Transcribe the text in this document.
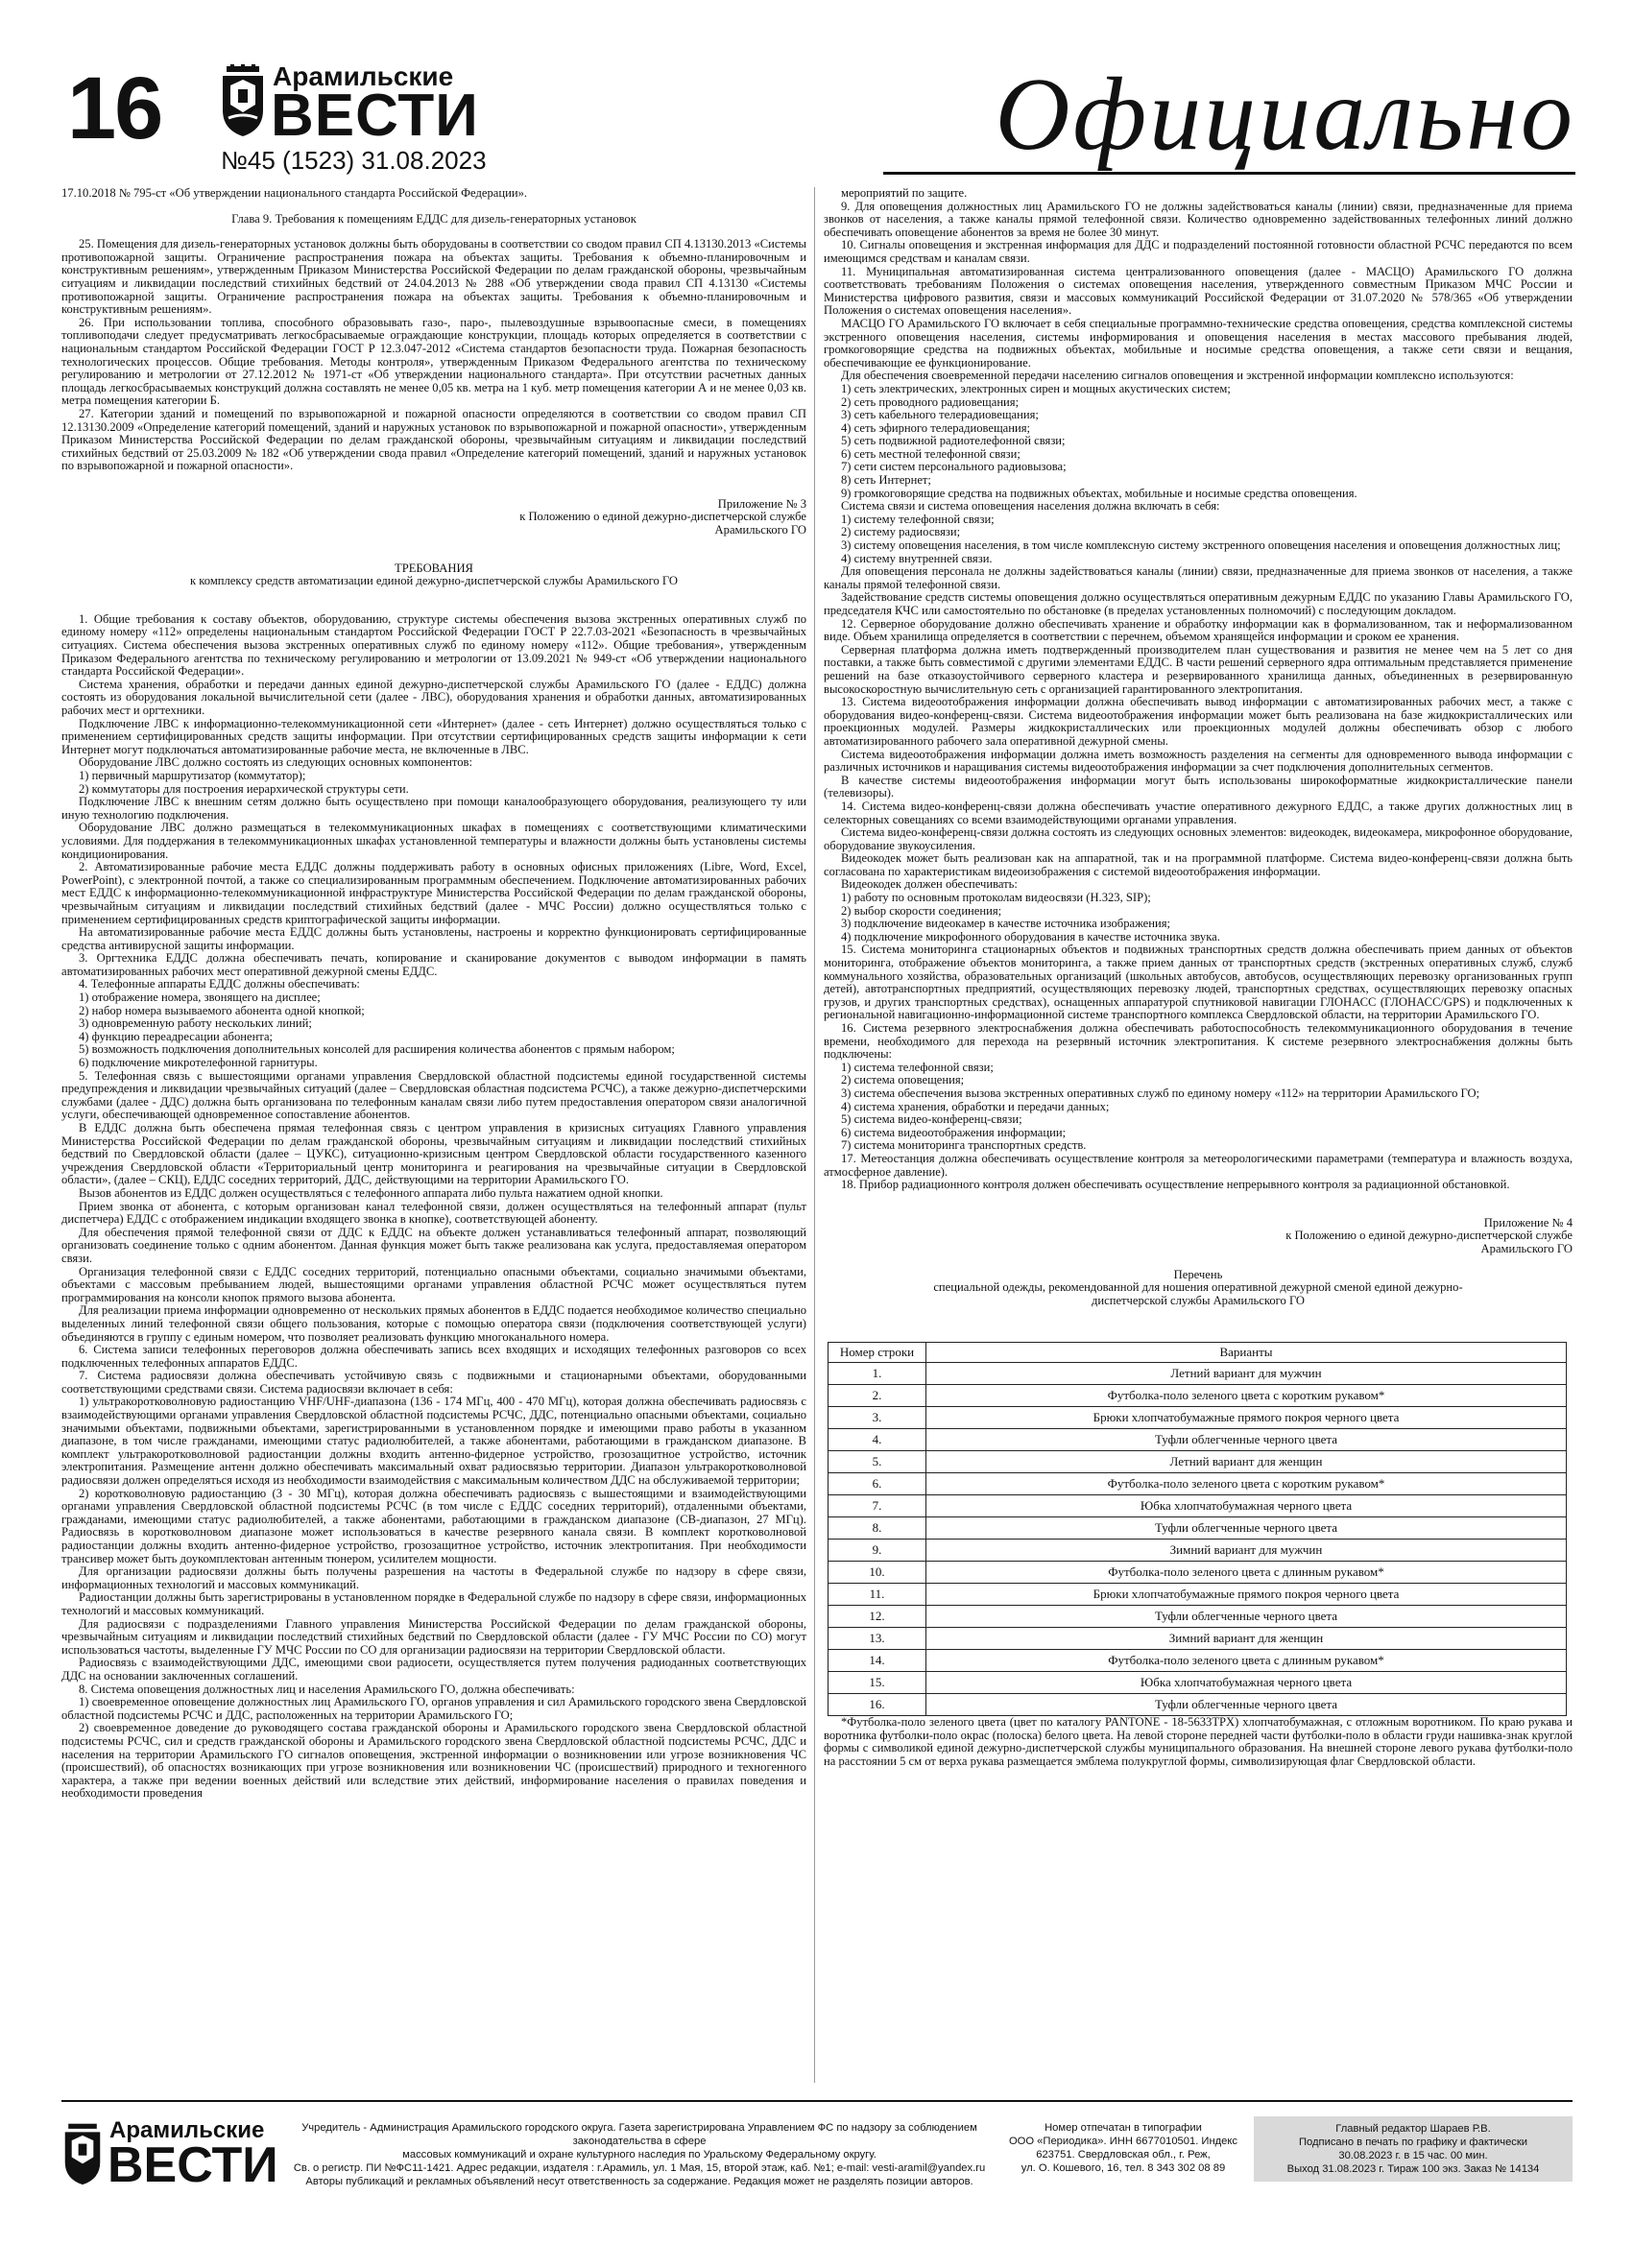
16	Арамильские
ВЕСТИ
№45 (1523) 31.08.2023	Официально

17.10.2018 № 795-ст «Об утверждении национального стандарта Российской Федерации».

Глава 9. Требования к помещениям ЕДДС для дизель-генераторных установок

25. Помещения для дизель-генераторных установок должны быть оборудованы в соответствии со сводом правил СП 4.13130.2013 «Системы противопожарной защиты. Ограничение распространения пожара на объектах защиты. Требования к объемно-планировочным и конструктивным решениям», утвержденным Приказом Министерства Российской Федерации по делам гражданской обороны, чрезвычайным ситуациям и ликвидации последствий стихийных бедствий от 24.04.2013 № 288 «Об утверждении свода правил СП 4.13130 «Системы противопожарной защиты. Ограничение распространения пожара на объектах защиты. Требования к объемно-планировочным и конструктивным решениям».

26. При использовании топлива, способного образовывать газо-, паро-, пылевоздушные взрывоопасные смеси, в помещениях топливоподачи следует предусматривать легкосбрасываемые ограждающие конструкции, площадь которых определяется в соответствии с национальным стандартом Российской Федерации ГОСТ Р 12.3.047-2012 «Система стандартов безопасности труда. Пожарная безопасность технологических процессов. Общие требования. Методы контроля», утвержденным Приказом Федерального агентства по техническому регулированию и метрологии от 27.12.2012 № 1971-ст «Об утверждении национального стандарта». При отсутствии расчетных данных площадь легкосбрасываемых конструкций должна составлять не менее 0,05 кв. метра на 1 куб. метр помещения категории А и не менее 0,03 кв. метра помещения категории Б.

27. Категории зданий и помещений по взрывопожарной и пожарной опасности определяются в соответствии со сводом правил СП 12.13130.2009 «Определение категорий помещений, зданий и наружных установок по взрывопожарной и пожарной опасности», утвержденным Приказом Министерства Российской Федерации по делам гражданской обороны, чрезвычайным ситуациям и ликвидации последствий стихийных бедствий от 25.03.2009 № 182 «Об утверждении свода правил «Определение категорий помещений, зданий и наружных установок по взрывопожарной и пожарной опасности».

Приложение № 3

к Положению о единой дежурно-диспетчерской службе

Арамильского ГО

ТРЕБОВАНИЯ

к комплексу средств автоматизации единой дежурно-диспетчерской службы Арамильского ГО

1. Общие требования к составу объектов, оборудованию, структуре системы обеспечения вызова экстренных оперативных служб по единому номеру «112» определены национальным стандартом Российской Федерации ГОСТ Р 22.7.03-2021 «Безопасность в чрезвычайных ситуациях. Система обеспечения вызова экстренных оперативных служб по единому номеру «112». Общие требования», утвержденным Приказом Федерального агентства по техническому регулированию и метрологии от 13.09.2021 № 949-ст «Об утверждении национального стандарта Российской Федерации».

Система хранения, обработки и передачи данных единой дежурно-диспетчерской службы Арамильского ГО (далее - ЕДДС) должна состоять из оборудования локальной вычислительной сети (далее - ЛВС), оборудования хранения и обработки данных, автоматизированных рабочих мест и оргтехники.

Подключение ЛВС к информационно-телекоммуникационной сети «Интернет» (далее - сеть Интернет) должно осуществляться только с применением сертифицированных средств защиты информации. При отсутствии сертифицированных средств защиты информации к сети Интернет могут подключаться автоматизированные рабочие места, не включенные в ЛВС.

Оборудование ЛВС должно состоять из следующих основных компонентов:

1) первичный маршрутизатор (коммутатор);

2) коммутаторы для построения иерархической структуры сети.

Подключение ЛВС к внешним сетям должно быть осуществлено при помощи каналообразующего оборудования, реализующего ту или иную технологию подключения.

Оборудование ЛВС должно размещаться в телекоммуникационных шкафах в помещениях с соответствующими климатическими условиями. Для поддержания в телекоммуникационных шкафах установленной температуры и влажности должны быть установлены системы кондиционирования.

2. Автоматизированные рабочие места ЕДДС должны поддерживать работу в основных офисных приложениях (Libre, Word, Excel, PowerPoint), с электронной почтой, а также со специализированным программным обеспечением. Подключение автоматизированных рабочих мест ЕДДС к информационно-телекоммуникационной инфраструктуре Министерства Российской Федерации по делам гражданской обороны, чрезвычайным ситуациям и ликвидации последствий стихийных бедствий (далее - МЧС России) должно осуществляться только с применением сертифицированных средств криптографической защиты информации.

На автоматизированные рабочие места ЕДДС должны быть установлены, настроены и корректно функционировать сертифицированные средства антивирусной защиты информации.

3. Оргтехника ЕДДС должна обеспечивать печать, копирование и сканирование документов с выводом информации в память автоматизированных рабочих мест оперативной дежурной смены ЕДДС.

4. Телефонные аппараты ЕДДС должны обеспечивать:

1) отображение номера, звонящего на дисплее;

2) набор номера вызываемого абонента одной кнопкой;

3) одновременную работу нескольких линий;

4) функцию переадресации абонента;

5) возможность подключения дополнительных консолей для расширения количества абонентов с прямым набором;

6) подключение микротелефонной гарнитуры.

5. Телефонная связь с вышестоящими органами управления Свердловской областной подсистемы единой государственной системы предупреждения и ликвидации чрезвычайных ситуаций (далее – Свердловская областная подсистема РСЧС), а также дежурно-диспетчерскими службами (далее - ДДС) должна быть организована по телефонным каналам связи либо путем предоставления оператором связи аналогичной услуги, обеспечивающей одновременное сопоставление абонентов.

В ЕДДС должна быть обеспечена прямая телефонная связь с центром управления в кризисных ситуациях Главного управления Министерства Российской Федерации по делам гражданской обороны, чрезвычайным ситуациям и ликвидации последствий стихийных бедствий по Свердловской области (далее – ЦУКС), ситуационно-кризисным центром Свердловской области государственного казенного учреждения Свердловской области «Территориальный центр мониторинга и реагирования на чрезвычайные ситуации в Свердловской области», (далее – СКЦ), ЕДДС соседних территорий, ДДС, действующими на территории Арамильского ГО.

Вызов абонентов из ЕДДС должен осуществляться с телефонного аппарата либо пульта нажатием одной кнопки.

Прием звонка от абонента, с которым организован канал телефонной связи, должен осуществляться на телефонный аппарат (пульт диспетчера) ЕДДС с отображением индикации входящего звонка в кнопке), соответствующей абоненту.

Для обеспечения прямой телефонной связи от ДДС к ЕДДС на объекте должен устанавливаться телефонный аппарат, позволяющий организовать соединение только с одним абонентом. Данная функция может быть также реализована как услуга, предоставляемая оператором связи.

Организация телефонной связи с ЕДДС соседних территорий, потенциально опасными объектами, социально значимыми объектами, объектами с массовым пребыванием людей, вышестоящими органами управления областной РСЧС может осуществляться путем программирования на консоли кнопок прямого вызова абонента.

Для реализации приема информации одновременно от нескольких прямых абонентов в ЕДДС подается необходимое количество специально выделенных линий телефонной связи общего пользования, которые с помощью оператора связи (подключения соответствующей услуги) объединяются в группу с единым номером, что позволяет реализовать функцию многоканального номера.

6. Система записи телефонных переговоров должна обеспечивать запись всех входящих и исходящих телефонных разговоров со всех подключенных телефонных аппаратов ЕДДС.

7. Система радиосвязи должна обеспечивать устойчивую связь с подвижными и стационарными объектами, оборудованными соответствующими средствами связи. Система радиосвязи включает в себя:

1) ультракоротковолновую радиостанцию VHF/UHF-диапазона (136 - 174 МГц, 400 - 470 МГц), которая должна обеспечивать радиосвязь с взаимодействующими органами управления Свердловской областной подсистемы РСЧС, ДДС, потенциально опасными объектами, социально значимыми объектами, подвижными объектами, зарегистрированными в установленном порядке и имеющими право работы в указанном диапазоне, в том числе гражданами, имеющими статус радиолюбителей, а также абонентами, работающими в гражданском диапазоне. В комплект ультракоротковолновой радиостанции должны входить антенно-фидерное устройство, грозозащитное устройство, источник электропитания. Размещение антенн должно обеспечивать максимальный охват радиосвязью территории. Диапазон ультракоротковолновой радиосвязи должен определяться исходя из необходимости взаимодействия с максимальным количеством ДДС на обслуживаемой территории;

2) коротковолновую радиостанцию (3 - 30 МГц), которая должна обеспечивать радиосвязь с вышестоящими и взаимодействующими органами управления Свердловской областной подсистемы РСЧС (в том числе с ЕДДС соседних территорий), отдаленными объектами, гражданами, имеющими статус радиолюбителей, а также абонентами, работающими в гражданском диапазоне (СВ-диапазон, 27 МГц). Радиосвязь в коротковолновом диапазоне может использоваться в качестве резервного канала связи. В комплект коротковолновой радиостанции должны входить антенно-фидерное устройство, грозозащитное устройство, источник электропитания. При необходимости трансивер может быть доукомплектован антенным тюнером, усилителем мощности.

Для организации радиосвязи должны быть получены разрешения на частоты в Федеральной службе по надзору в сфере связи, информационных технологий и массовых коммуникаций.

Радиостанции должны быть зарегистрированы в установленном порядке в Федеральной службе по надзору в сфере связи, информационных технологий и массовых коммуникаций.

Для радиосвязи с подразделениями Главного управления Министерства Российской Федерации по делам гражданской обороны, чрезвычайным ситуациям и ликвидации последствий стихийных бедствий по Свердловской области (далее - ГУ МЧС России по СО) могут использоваться частоты, выделенные ГУ МЧС России по СО для организации радиосвязи на территории Свердловской области.

Радиосвязь с взаимодействующими ДДС, имеющими свои радиосети, осуществляется путем получения радиоданных соответствующих ДДС на основании заключенных соглашений.

8. Система оповещения должностных лиц и населения Арамильского ГО, должна обеспечивать:

1) своевременное оповещение должностных лиц Арамильского ГО, органов управления и сил Арамильского городского звена Свердловской областной подсистемы РСЧС и ДДС, расположенных на территории Арамильского ГО;

2) своевременное доведение до руководящего состава гражданской обороны и Арамильского городского звена Свердловской областной подсистемы РСЧС, сил и средств гражданской обороны и Арамильского городского звена Свердловской областной подсистемы РСЧС, ДДС и населения на территории Арамильского ГО сигналов оповещения, экстренной информации о возникновении или угрозе возникновения ЧС (происшествий), об опасностях возникающих при угрозе возникновения или возникновении ЧС (происшествий) природного и техногенного характера, а также при ведении военных действий или вследствие этих действий, информирование населения о правилах поведения и необходимости проведения

мероприятий по защите.

9. Для оповещения должностных лиц Арамильского ГО не должны задействоваться каналы (линии) связи, предназначенные для приема звонков от населения, а также каналы прямой телефонной связи. Количество одновременно задействованных телефонных линий должно обеспечивать оповещение абонентов за время не более 30 минут.

10. Сигналы оповещения и экстренная информация для ДДС и подразделений постоянной готовности областной РСЧС передаются по всем имеющимся средствам и каналам связи.

11. Муниципальная автоматизированная система централизованного оповещения (далее - МАСЦО) Арамильского ГО должна соответствовать требованиям Положения о системах оповещения населения, утвержденного совместным Приказом МЧС России и Министерства цифрового развития, связи и массовых коммуникаций Российской Федерации от 31.07.2020 № 578/365 «Об утверждении Положения о системах оповещения населения».

МАСЦО ГО Арамильского ГО включает в себя специальные программно-технические средства оповещения, средства комплексной системы экстренного оповещения населения, системы информирования и оповещения населения в местах массового пребывания людей, громкоговорящие средства на подвижных объектах, мобильные и носимые средства оповещения, а также сети связи и вещания, обеспечивающие ее функционирование.

Для обеспечения своевременной передачи населению сигналов оповещения и экстренной информации комплексно используются:

1) сеть электрических, электронных сирен и мощных акустических систем;

2) сеть проводного радиовещания;

3) сеть кабельного телерадиовещания;

4) сеть эфирного телерадиовещания;

5) сеть подвижной радиотелефонной связи;

6) сеть местной телефонной связи;

7) сети систем персонального радиовызова;

8) сеть Интернет;

9) громкоговорящие средства на подвижных объектах, мобильные и носимые средства оповещения.

Система связи и система оповещения населения должна включать в себя:

1) систему телефонной связи;

2) систему радиосвязи;

3) систему оповещения населения, в том числе комплексную систему экстренного оповещения населения и оповещения должностных лиц;

4) систему внутренней связи.

Для оповещения персонала не должны задействоваться каналы (линии) связи, предназначенные для приема звонков от населения, а также каналы прямой телефонной связи.

Задействование средств системы оповещения должно осуществляться оперативным дежурным ЕДДС по указанию Главы Арамильского ГО, председателя КЧС или самостоятельно по обстановке (в пределах установленных полномочий) с последующим докладом.

12. Серверное оборудование должно обеспечивать хранение и обработку информации как в формализованном, так и неформализованном виде. Объем хранилища определяется в соответствии с перечнем, объемом хранящейся информации и сроком ее хранения.

Серверная платформа должна иметь подтвержденный производителем план существования и развития не менее чем на 5 лет со дня поставки, а также быть совместимой с другими элементами ЕДДС. В части решений серверного ядра оптимальным представляется применение решений на базе отказоустойчивого серверного кластера и резервированного хранилища данных, объединенных в резервированную высокоскоростную вычислительную сеть с организацией гарантированного электропитания.

13. Система видеоотображения информации должна обеспечивать вывод информации с автоматизированных рабочих мест, а также с оборудования видео-конференц-связи. Система видеоотображения информации может быть реализована на базе жидкокристаллических или проекционных модулей. Размеры жидкокристаллических или проекционных модулей должны обеспечивать обзор с любого автоматизированного рабочего зала оперативной дежурной смены.

Система видеоотображения информации должна иметь возможность разделения на сегменты для одновременного вывода информации с различных источников и наращивания системы видеоотображения информации за счет подключения дополнительных сегментов.

В качестве системы видеоотображения информации могут быть использованы широкоформатные жидкокристаллические панели (телевизоры).

14. Система видео-конференц-связи должна обеспечивать участие оперативного дежурного ЕДДС, а также других должностных лиц в селекторных совещаниях со всеми взаимодействующими органами управления.

Система видео-конференц-связи должна состоять из следующих основных элементов: видеокодек, видеокамера, микрофонное оборудование, оборудование звукоусиления.

Видеокодек может быть реализован как на аппаратной, так и на программной платформе. Система видео-конференц-связи должна быть согласована по характеристикам видеоизображения с системой видеоотображения информации.

Видеокодек должен обеспечивать:

1) работу по основным протоколам видеосвязи (H.323, SIP);

2) выбор скорости соединения;

3) подключение видеокамер в качестве источника изображения;

4) подключение микрофонного оборудования в качестве источника звука.

15. Система мониторинга стационарных объектов и подвижных транспортных средств должна обеспечивать прием данных от объектов мониторинга, отображение объектов мониторинга, а также прием данных от транспортных средств (экстренных оперативных служб, служб коммунального хозяйства, образовательных организаций (школьных автобусов, автобусов, осуществляющих перевозку организованных групп детей), автотранспортных предприятий, осуществляющих перевозку людей, транспортных средствах, осуществляющих перевозку опасных грузов, и других транспортных средствах), оснащенных аппаратурой спутниковой навигации ГЛОНАСС (ГЛОНАСС/GPS) и подключенных к региональной навигационно-информационной системе транспортного комплекса Свердловской области, на территории Арамильского ГО.

16. Система резервного электроснабжения должна обеспечивать работоспособность телекоммуникационного оборудования в течение времени, необходимого для перехода на резервный источник электропитания. К системе резервного электроснабжения должны быть подключены:

1) система телефонной связи;

2) система оповещения;

3) система обеспечения вызова экстренных оперативных служб по единому номеру «112» на территории Арамильского ГО;

4) система хранения, обработки и передачи данных;

5) система видео-конференц-связи;

6) система видеоотображения информации;

7) система мониторинга транспортных средств.

17. Метеостанция должна обеспечивать осуществление контроля за метеорологическими параметрами (температура и влажность воздуха, атмосферное давление).

18. Прибор радиационного контроля должен обеспечивать осуществление непрерывного контроля за радиационной обстановкой.

Приложение № 4

к Положению о единой дежурно-диспетчерской службе

Арамильского ГО

Перечень

специальной одежды, рекомендованной для ношения оперативной дежурной сменой единой дежурно-диспетчерской службы Арамильского ГО

Номер строки	Варианты
1.	Летний вариант для мужчин
2.	Футболка-поло зеленого цвета с коротким рукавом*
3.	Брюки хлопчатобумажные прямого покроя черного цвета
4.	Туфли облегченные черного цвета
5.	Летний вариант для женщин
6.	Футболка-поло зеленого цвета с коротким рукавом*
7.	Юбка хлопчатобумажная черного цвета
8.	Туфли облегченные черного цвета
9.	Зимний вариант для мужчин
10.	Футболка-поло зеленого цвета с длинным рукавом*
11.	Брюки хлопчатобумажные прямого покроя черного цвета
12.	Туфли облегченные черного цвета
13.	Зимний вариант для женщин
14.	Футболка-поло зеленого цвета с длинным рукавом*
15.	Юбка хлопчатобумажная черного цвета
16.	Туфли облегченные черного цвета

*Футболка-поло зеленого цвета (цвет по каталогу PANTONE - 18-5633TPX) хлопчатобумажная, с отложным воротником. По краю рукава и воротника футболки-поло окрас (полоска) белого цвета. На левой стороне передней части футболки-поло в области груди нашивка-знак круглой формы с символикой единой дежурно-диспетчерской службы муниципального образования. На внешней стороне левого рукава футболки-поло на расстоянии 5 см от верха рукава размещается эмблема полукруглой формы, символизирующая флаг Свердловской области.

Арамильские
ВЕСТИ
Учредитель - Администрация Арамильского городского округа. Газета зарегистрирована Управлением ФС по надзору за соблюдением законодательства в сфере
массовых коммуникаций и охране культурного наследия по Уральскому Федеральному округу.
Св. о регистр. ПИ №ФС11-1421. Адрес редакции, издателя : г.Арамиль, ул. 1 Мая, 15, второй этаж, каб. №1; e-mail: vesti-aramil@yandex.ru
Авторы публикаций и рекламных объявлений несут ответственность за содержание. Редакция может не разделять позиции авторов.
Номер отпечатан в типографии
ООО «Периодика». ИНН 6677010501. Индекс
623751. Свердловская обл., г. Реж,
ул. О. Кошевого, 16, тел. 8 343 302 08 89
Главный редактор Шараев Р.В.
Подписано в печать по графику и фактически
30.08.2023 г. в 15 час. 00 мин.
Выход 31.08.2023 г. Тираж 100 экз. Заказ № 14134
